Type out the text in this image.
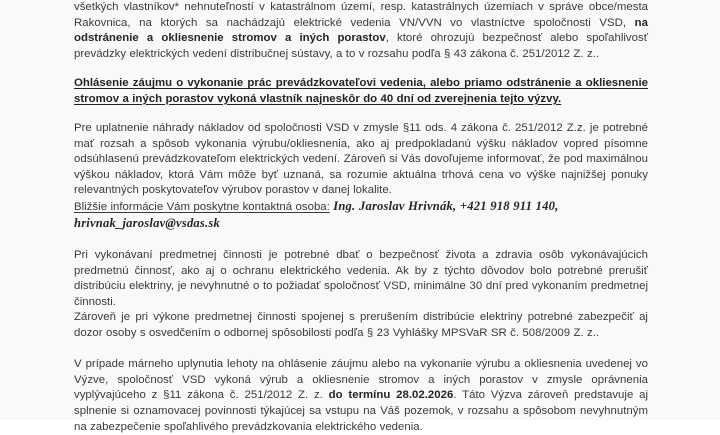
všetkých vlastníkov* nehnuteľností v katastrálnom území, resp. katastrálnych územiach v správe obce/mesta Rakovnica, na ktorých sa nachádzajú elektrické vedenia VN/VVN vo vlastníctve spoločnosti VSD, na odstránenie a okliesnenie stromov a iných porastov, ktoré ohrozujú bezpečnosť alebo spoľahlivosť prevádzky elektrických vedení distribučnej sústavy, a to v rozsahu podľa § 43 zákona č. 251/2012 Z. z..

Ohlásenie záujmu o vykonanie prác prevádzkovateľovi vedenia, alebo priamo odstránenie a okliesnenie stromov a iných porastov vykoná vlastník najneskôr do 40 dní od zverejnenia tejto výzvy.

Pre uplatnenie náhrady nákladov od spoločnosti VSD v zmysle §11 ods. 4 zákona č. 251/2012 Z.z. je potrebné mať rozsah a spôsob vykonania výrubu/okliesnenia, ako aj predpokladanú výšku nákladov vopred písomne odsúhlasenú prevádzkovateľom elektrických vedení. Zároveň si Vás dovoľujeme informovať, že pod maximálnou výškou nákladov, ktorá Vám môže byť uznaná, sa rozumie aktuálna trhová cena vo výške najnižšej ponuky relevantných poskytovateľov výrubov porastov v danej lokalite.

Bližšie informácie Vám poskytne kontaktná osoba: Ing. Jaroslav Hrivnák, +421 918 911 140,

hrivnak_jaroslav@vsdas.sk

Pri vykonávaní predmetnej činnosti je potrebné dbať o bezpečnosť života a zdravia osôb vykonávajúcich predmetnú činnosť, ako aj o ochranu elektrického vedenia. Ak by z týchto dôvodov bolo potrebné prerušiť distribúciu elektriny, je nevyhnutné o to požiadať spoločnosť VSD, minimálne 30 dní pred vykonaním predmetnej činnosti.

Zároveň je pri výkone predmetnej činnosti spojenej s prerušením distribúcie elektriny potrebné zabezpečiť aj dozor osoby s osvedčením o odbornej spôsobilosti podľa § 23 Vyhlášky MPSVaR SR č. 508/2009 Z. z..

V prípade márneho uplynutia lehoty na ohlásenie záujmu alebo na vykonanie výrubu a okliesnenia uvedenej vo Výzve, spoločnosť VSD vykoná výrub a okliesnenie stromov a iných porastov v zmysle oprávnenia vyplývajúceho z §11 zákona č. 251/2012 Z. z. do termínu 28.02.2026. Táto Výzva zároveň predstavuje aj splnenie si oznamovacej povinnosti týkajúcej sa vstupu na Váš pozemok, v rozsahu a spôsobom nevyhnutným na zabezpečenie spoľahlivého prevádzkovania elektrického vedenia.
